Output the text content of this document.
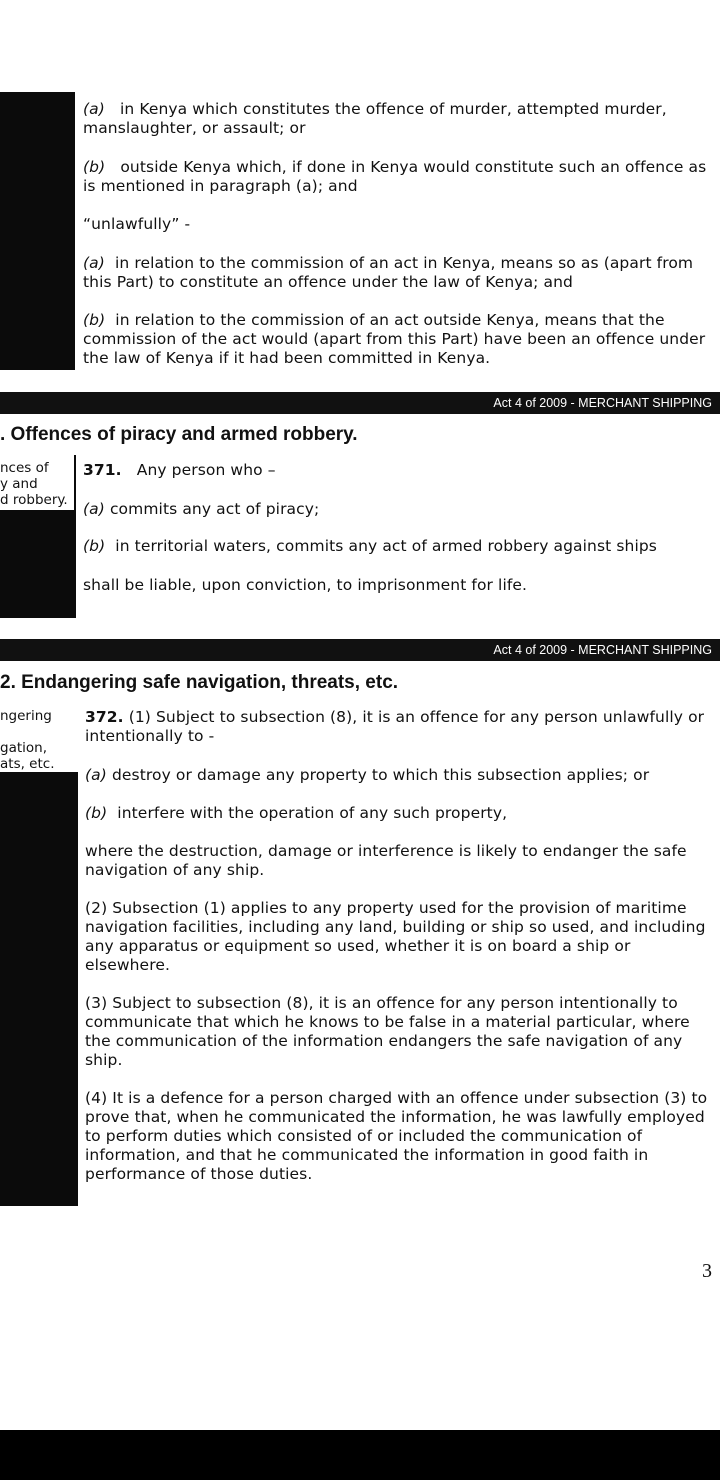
(a) in Kenya which constitutes the offence of murder, attempted murder, manslaughter, or assault; or
(b) outside Kenya which, if done in Kenya would constitute such an offence as is mentioned in paragraph (a); and
“unlawfully” -
(a) in relation to the commission of an act in Kenya, means so as (apart from this Part) to constitute an offence under the law of Kenya; and
(b) in relation to the commission of an act outside Kenya, means that the commission of the act would (apart from this Part) have been an offence under the law of Kenya if it had been committed in Kenya.
Act 4 of 2009 - MERCHANT SHIPPING
. Offences of piracy and armed robbery.
nces of
y and
d robbery.
371. Any person who –
(a) commits any act of piracy;
(b) in territorial waters, commits any act of armed robbery against ships
shall be liable, upon conviction, to imprisonment for life.
Act 4 of 2009 - MERCHANT SHIPPING
2. Endangering safe navigation, threats, etc.
ngering

gation,
ats, etc.
372. (1) Subject to subsection (8), it is an offence for any person unlawfully or intentionally to -
(a) destroy or damage any property to which this subsection applies; or
(b) interfere with the operation of any such property,
where the destruction, damage or interference is likely to endanger the safe navigation of any ship.
(2) Subsection (1) applies to any property used for the provision of maritime navigation facilities, including any land, building or ship so used, and including any apparatus or equipment so used, whether it is on board a ship or elsewhere.
(3) Subject to subsection (8), it is an offence for any person intentionally to communicate that which he knows to be false in a material particular, where the communication of the information endangers the safe navigation of any ship.
(4) It is a defence for a person charged with an offence under subsection (3) to prove that, when he communicated the information, he was lawfully employed to perform duties which consisted of or included the communication of information, and that he communicated the information in good faith in performance of those duties.
3
